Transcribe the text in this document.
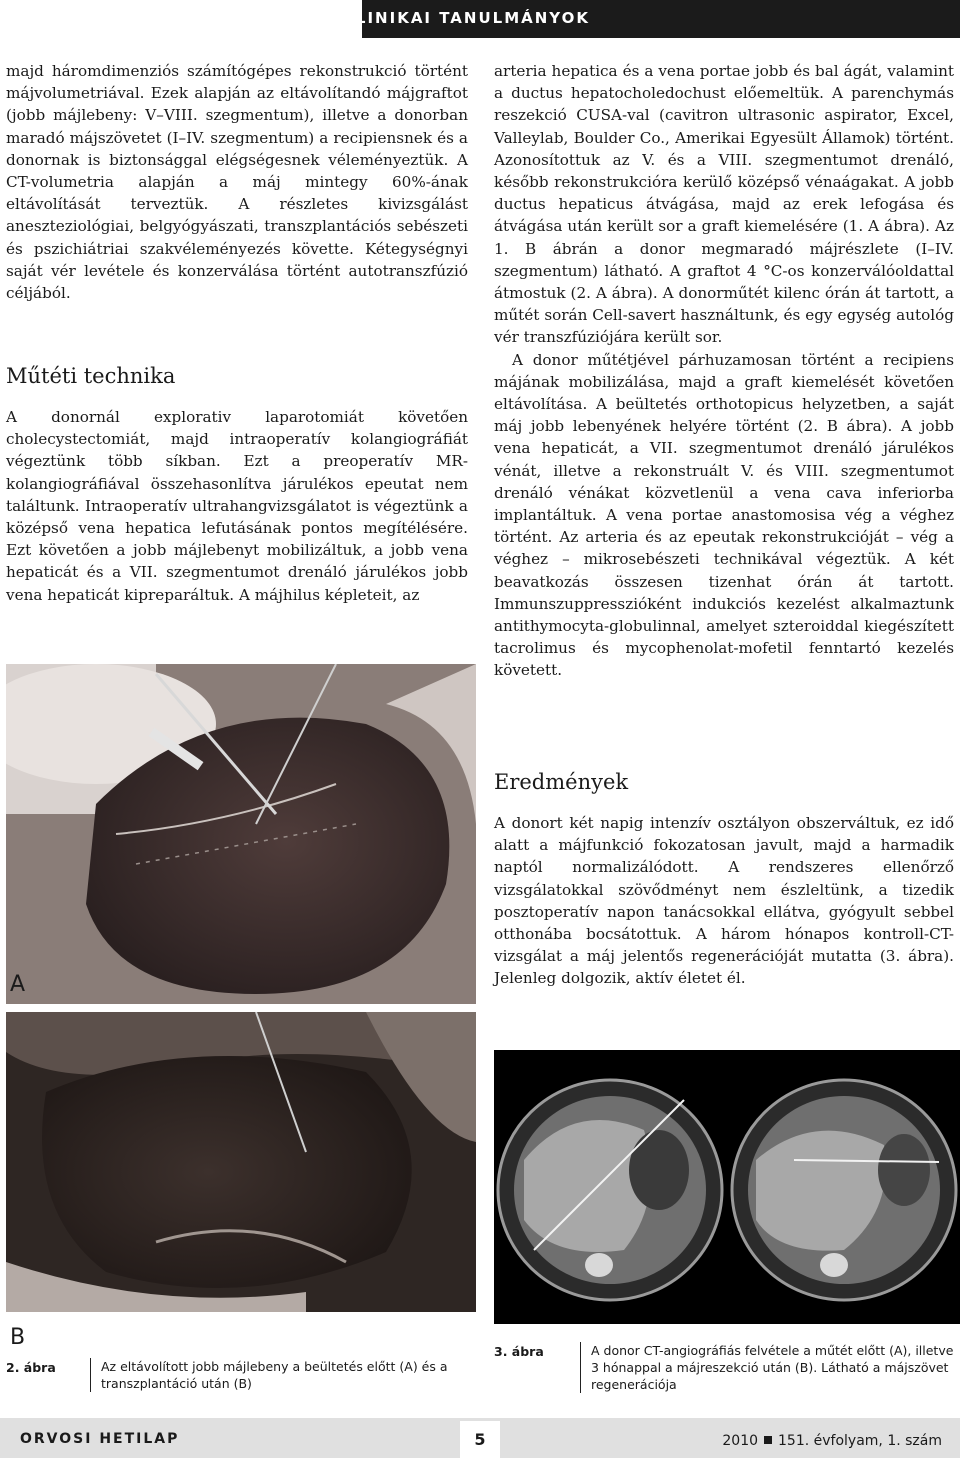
KLINIKAI TANULMÁNYOK

majd háromdimenziós számítógépes rekonstrukció történt májvolumetriával. Ezek alapján az eltávolítandó májgraftot (jobb májlebeny: V–VIII. szegmentum), illetve a donorban maradó májszövetet (I–IV. szegmentum) a recipiensnek és a donornak is biztonsággal elégségesnek véleményeztük. A CT-volumetria alapján a máj mintegy 60%-ának eltávolítását terveztük. A részletes kivizsgálást aneszteziológiai, belgyógyászati, transzplantációs sebészeti és pszichiátriai szakvéleményezés követte. Kétegységnyi saját vér levétele és konzerválása történt autotranszfúzió céljából.

Műtéti technika

A donornál explorativ laparotomiát követően cholecystectomiát, majd intraoperatív kolangiográfiát végeztünk több síkban. Ezt a preoperatív MR-kolangiográfiával összehasonlítva járulékos epeutat nem találtunk. Intraoperatív ultrahangvizsgálatot is végeztünk a középső vena hepatica lefutásának pontos megítélésére. Ezt követően a jobb májlebenyt mobilizáltuk, a jobb vena hepaticát és a VII. szegmentumot drenáló járulékos jobb vena hepaticát kipreparáltuk. A májhilus képleteit, az

arteria hepatica és a vena portae jobb és bal ágát, valamint a ductus hepatocholedochust előemeltük. A parenchymás reszekció CUSA-val (cavitron ultrasonic aspirator, Excel, Valleylab, Boulder Co., Amerikai Egyesült Államok) történt. Azonosítottuk az V. és a VIII. szegmentumot drenáló, később rekonstrukcióra kerülő középső vénaágakat. A jobb ductus hepaticus átvágása, majd az erek lefogása és átvágása után került sor a graft kiemelésére (1. A ábra). Az 1. B ábrán a donor megmaradó májrészlete (I–IV. szegmentum) látható. A graftot 4 °C-os konzerválóoldattal átmostuk (2. A ábra). A donorműtét kilenc órán át tartott, a műtét során Cell-savert használtunk, és egy egység autológ vér transzfúziójára került sor.

A donor műtétjével párhuzamosan történt a recipiens májának mobilizálása, majd a graft kiemelését követően eltávolítása. A beültetés orthotopicus helyzetben, a saját máj jobb lebenyének helyére történt (2. B ábra). A jobb vena hepaticát, a VII. szegmentumot drenáló járulékos vénát, illetve a rekonstruált V. és VIII. szegmentumot drenáló vénákat közvetlenül a vena cava inferiorba implantáltuk. A vena portae anastomosisa vég a véghez történt. Az arteria és az epeutak rekonstrukcióját – vég a véghez – mikrosebészeti technikával végeztük. A két beavatkozás összesen tizenhat órán át tartott. Immunszuppresszióként indukciós kezelést alkalmaztunk antithymocyta-globulinnal, amelyet szteroiddal kiegészített tacrolimus és mycophenolat-mofetil fenntartó kezelés követett.

Eredmények

A donort két napig intenzív osztályon obszerváltuk, ez idő alatt a májfunkció fokozatosan javult, majd a harmadik naptól normalizálódott. A rendszeres ellenőrző vizsgálatokkal szövődményt nem észleltünk, a tizedik posztoperatív napon tanácsokkal ellátva, gyógyult sebbel otthonába bocsátottuk. A három hónapos kontroll-CT-vizsgálat a máj jelentős regenerációját mutatta (3. ábra). Jelenleg dolgozik, aktív életet él.

A
B
2. ábra	Az eltávolított jobb májlebeny a beültetés előtt (A) és a transzplantáció után (B)
3. ábra	A donor CT-angiográfiás felvétele a műtét előtt (A), illetve 3 hónappal a májreszekció után (B). Látható a májszövet regenerációja
ORVOSI HETILAP	5	2010 151. évfolyam, 1. szám
